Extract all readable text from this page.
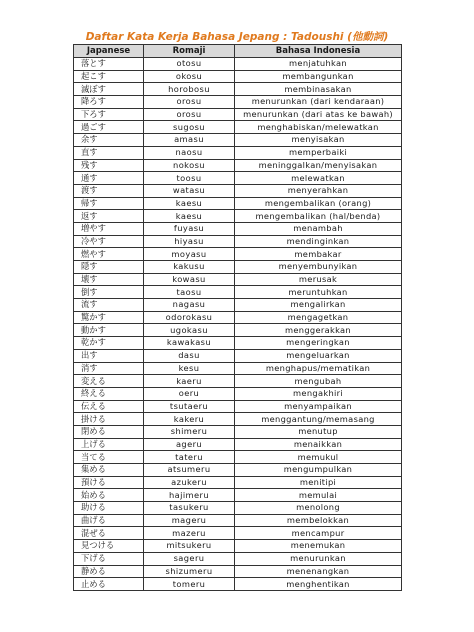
Daftar Kata Kerja Bahasa Jepang : Tadoushi (他動詞)
Japanese	Romaji	Bahasa Indonesia
落とす	otosu	menjatuhkan
起こす	okosu	membangunkan
滅ぼす	horobosu	membinasakan
降ろす	orosu	menurunkan (dari kendaraan)
下ろす	orosu	menurunkan (dari atas ke bawah)
過ごす	sugosu	menghabiskan/melewatkan
余す	amasu	menyisakan
直す	naosu	memperbaiki
残す	nokosu	meninggalkan/menyisakan
通す	toosu	melewatkan
渡す	watasu	menyerahkan
帰す	kaesu	mengembalikan (orang)
返す	kaesu	mengembalikan (hal/benda)
増やす	fuyasu	menambah
冷やす	hiyasu	mendinginkan
燃やす	moyasu	membakar
隠す	kakusu	menyembunyikan
壊す	kowasu	merusak
倒す	taosu	meruntuhkan
流す	nagasu	mengalirkan
驚かす	odorokasu	mengagetkan
動かす	ugokasu	menggerakkan
乾かす	kawakasu	mengeringkan
出す	dasu	mengeluarkan
消す	kesu	menghapus/mematikan
変える	kaeru	mengubah
終える	oeru	mengakhiri
伝える	tsutaeru	menyampaikan
掛ける	kakeru	menggantung/memasang
閉める	shimeru	menutup
上げる	ageru	menaikkan
当てる	tateru	memukul
集める	atsumeru	mengumpulkan
預ける	azukeru	menitipi
始める	hajimeru	memulai
助ける	tasukeru	menolong
曲げる	mageru	membelokkan
混ぜる	mazeru	mencampur
見つける	mitsukeru	menemukan
下げる	sageru	menurunkan
静める	shizumeru	menenangkan
止める	tomeru	menghentikan
